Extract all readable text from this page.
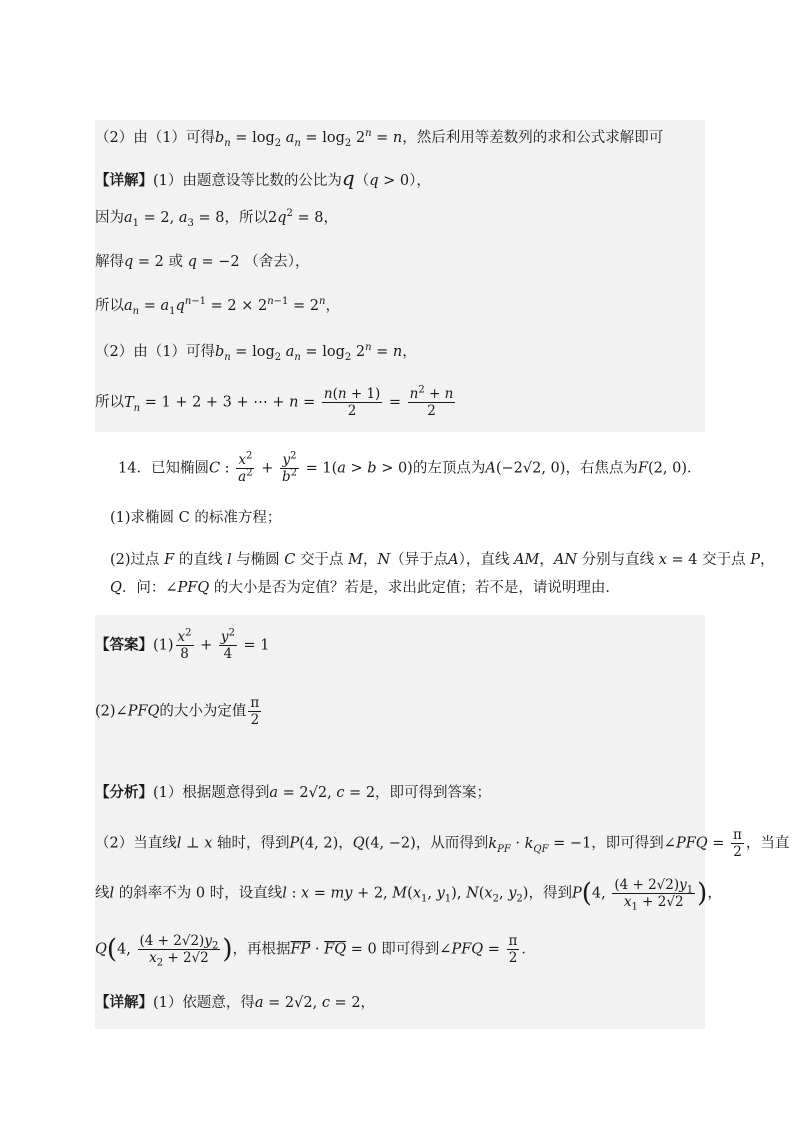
（2）由（1）可得$b_n = \log_2 a_n = \log_2 2^n = n$，然后利用等差数列的求和公式求解即可
【详解】(1）由题意设等比数的公比为q（q > 0），
因为$a_1 = 2$, $a_3 = 8$，所以$2q^2 = 8$，
解得q = 2 或 q = −2 （舍去），
所以$a_n = a_1q^{n-1} = 2 \times 2^{n-1} = 2^n$，
（2）由（1）可得$b_n = \log_2 a_n = \log_2 2^n = n$，
所以$T_n = 1 + 2 + 3$ + ⋯ + $n = \frac{n(n + 1)}{2} = \frac{n^2 + n}{2}$
14．已知椭圆C : $\frac{x^2}{a^2} + \frac{y^2}{b^2} = 1(a > b > 0)$的左顶点为A(−2√2, 0)，右焦点为F(2, 0)．
(1)求椭圆 C 的标准方程；
(2)过点 F 的直线 l 与椭圆 C 交于点 M，N（异于点A），直线 AM，AN 分别与直线 x = 4 交于点 P，
Q．问：∠PFQ 的大小是否为定值？若是，求出此定值；若不是，请说明理由．
【答案】$(1) \frac{x^2}{8} + \frac{y^2}{4} = 1$
(2)∠PFQ的大小为定值 $\frac{\pi}{2}$
【分析】(1）根据题意得到a = 2√2, c = 2，即可得到答案；
（2）当直线l ⊥ x 轴时，得到P(4, 2)，Q(4, −2)，从而得到$k_{PF} \cdot k_{QF} = -1$，即可得到∠PFQ = $\frac{\pi}{2}$ ，当直
线l 的斜率不为 0 时，设直线l : x = my + 2, $M(x_1$, $y_1$), $N(x_2$, $y_2$)，得到P(4, $\frac{(4 + 2√2)y_1}{x_1 + 2√2}$ )，
Q(4, $\frac{(4 + 2√2)y_2}{x_2 + 2√2}$ )，再根据$\overline{FP} \cdot \overline{FQ} = 0$ 即可得到∠PFQ = $\frac{\pi}{2}$ ．
【详解】(1）依题意，得a = 2√2, c = 2，
